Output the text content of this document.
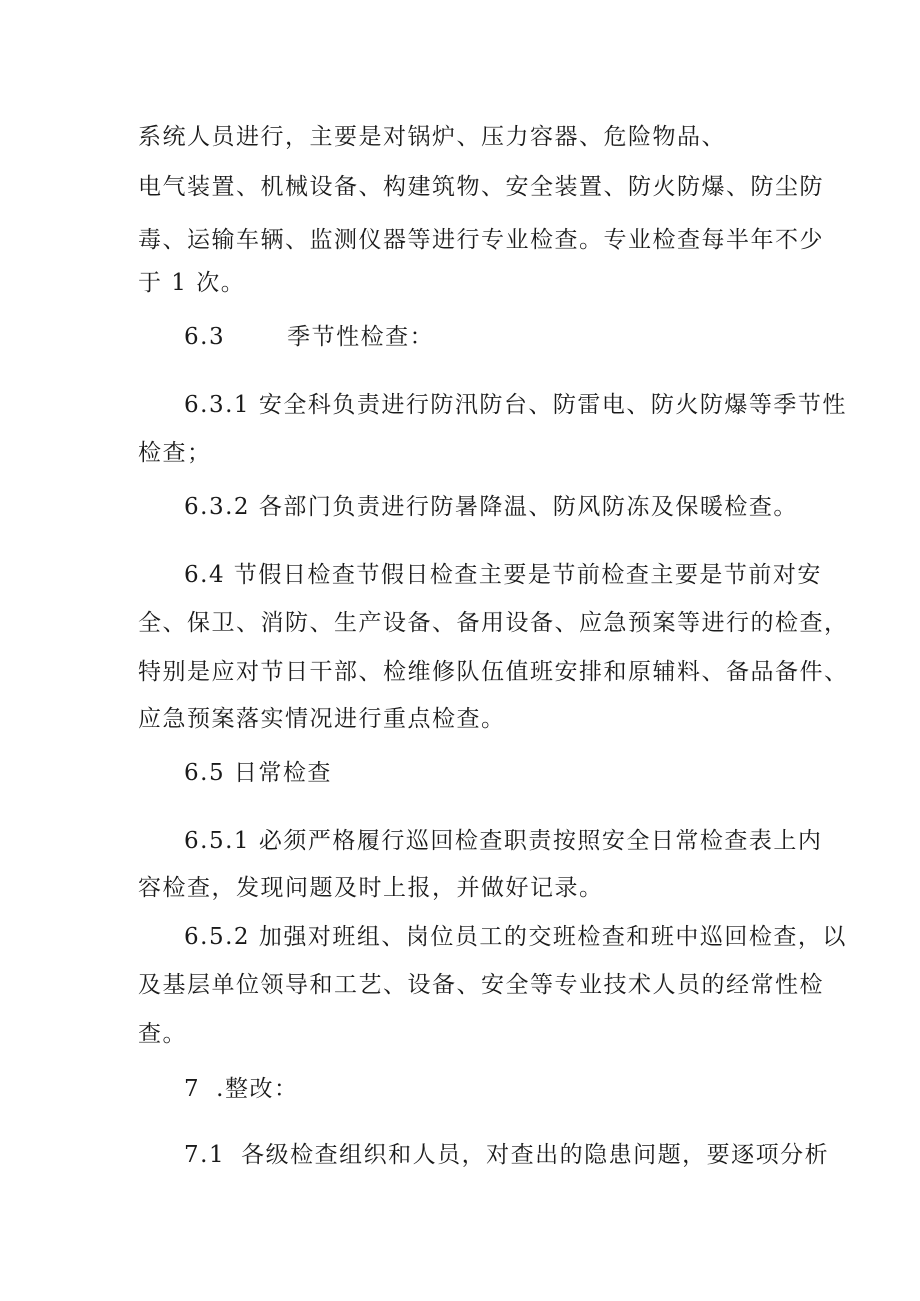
系统人员进行，主要是对锅炉、压力容器、危险物品、
电气装置、机械设备、构建筑物、安全装置、防火防爆、防尘防
毒、运输车辆、监测仪器等进行专业检查。专业检查每半年不少
于 1 次。
6.3	季节性检查：
6.3.1 安全科负责进行防汛防台、防雷电、防火防爆等季节性
检查；
6.3.2 各部门负责进行防暑降温、防风防冻及保暖检查。
6.4 节假日检查节假日检查主要是节前检查主要是节前对安
全、保卫、消防、生产设备、备用设备、应急预案等进行的检查，
特别是应对节日干部、检维修队伍值班安排和原辅料、备品备件、
应急预案落实情况进行重点检查。
6.5 日常检查
6.5.1 必须严格履行巡回检查职责按照安全日常检查表上内
容检查，发现问题及时上报，并做好记录。
6.5.2 加强对班组、岗位员工的交班检查和班中巡回检查，以
及基层单位领导和工艺、设备、安全等专业技术人员的经常性检
查。
7 .整改：
7.1 各级检查组织和人员，对查出的隐患问题，要逐项分析
